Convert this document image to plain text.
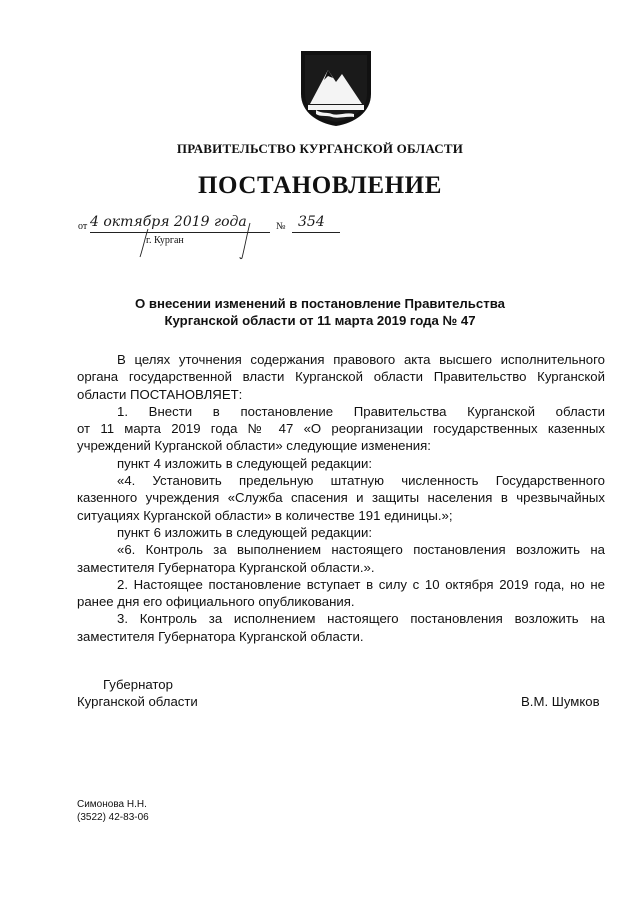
ПРАВИТЕЛЬСТВО КУРГАНСКОЙ ОБЛАСТИ
ПОСТАНОВЛЕНИЕ
от 4 октября 2019 года	№ 354
г. Курган
О внесении изменений в постановление Правительства
Курганской области от 11 марта 2019 года № 47

В целях уточнения содержания правового акта высшего исполнительного

органа государственной власти Курганской области Правительство Курганской

области ПОСТАНОВЛЯЕТ:

1. Внести в постановление Правительства Курганской области

от 11 марта 2019 года № 47 «О реорганизации государственных казенных

учреждений Курганской области» следующие изменения:

пункт 4 изложить в следующей редакции:

«4. Установить предельную штатную численность Государственного

казенного учреждения «Служба спасения и защиты населения в чрезвычайных

ситуациях Курганской области» в количестве 191 единицы.»;

пункт 6 изложить в следующей редакции:

«6. Контроль за выполнением настоящего постановления возложить на

заместителя Губернатора Курганской области.».

2. Настоящее постановление вступает в силу с 10 октября 2019 года, но не

ранее дня его официального опубликования.

3. Контроль за исполнением настоящего постановления возложить на

заместителя Губернатора Курганской области.

Губернатор
Курганской области	В.М. Шумков
Симонова Н.Н.
(3522) 42-83-06
